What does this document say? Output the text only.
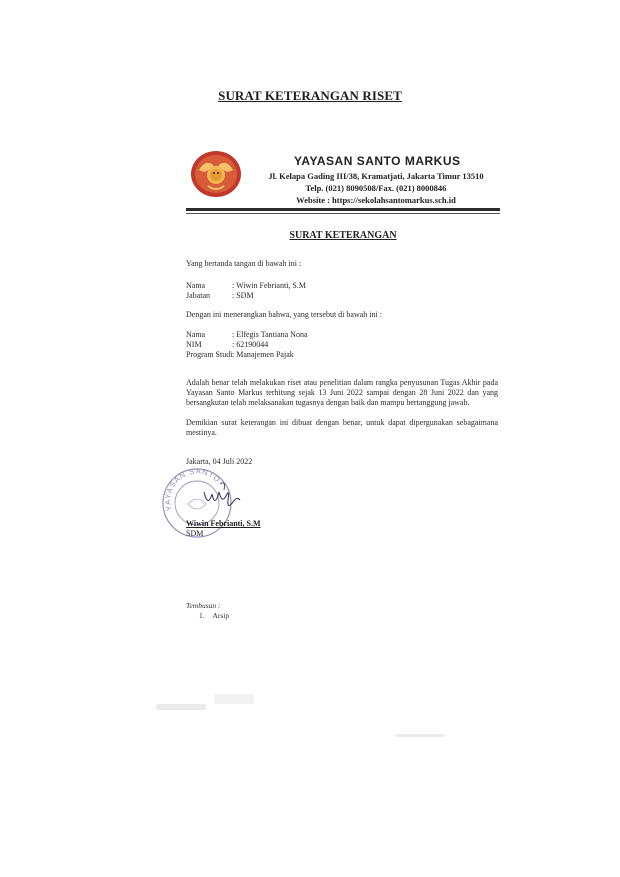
SURAT KETERANGAN RISET
YAYASAN SANTO MARKUS
Jl. Kelapa Gading III/38, Kramatjati, Jakarta Timur 13510
Telp. (021) 8090508/Fax. (021) 8000846
Website : https://sekolahsantomarkus.sch.id
SURAT KETERANGAN
Yang bertanda tangan di bawah ini :
Nama	: Wiwin Febrianti, S.M
Jabatan	: SDM
Dengan ini menerangkan bahwa, yang tersebut di bawah ini :
Nama	: Elfegis Tantiana Nona
NIM	: 62190044
Program Studi : Manajemen Pajak
Adalah benar telah melakukan riset atau penelitian dalam rangka penyusunan Tugas Akhir pada Yayasan Santo Markus terhitung sejak 13 Juni 2022 sampai dengan 28 Juni 2022 dan yang bersangkutan telah melaksanakan tugasnya dengan baik dan mampu bertanggung jawab.
Demikian surat keterangan ini dibuat dengan benar, untuk dapat dipergunakan sebagaimana mestinya.
Jakarta, 04 Juli 2022
YAYASAN SANTO
Wiwin Febrianti, S.M
SDM
Tembusan :
1. Arsip
